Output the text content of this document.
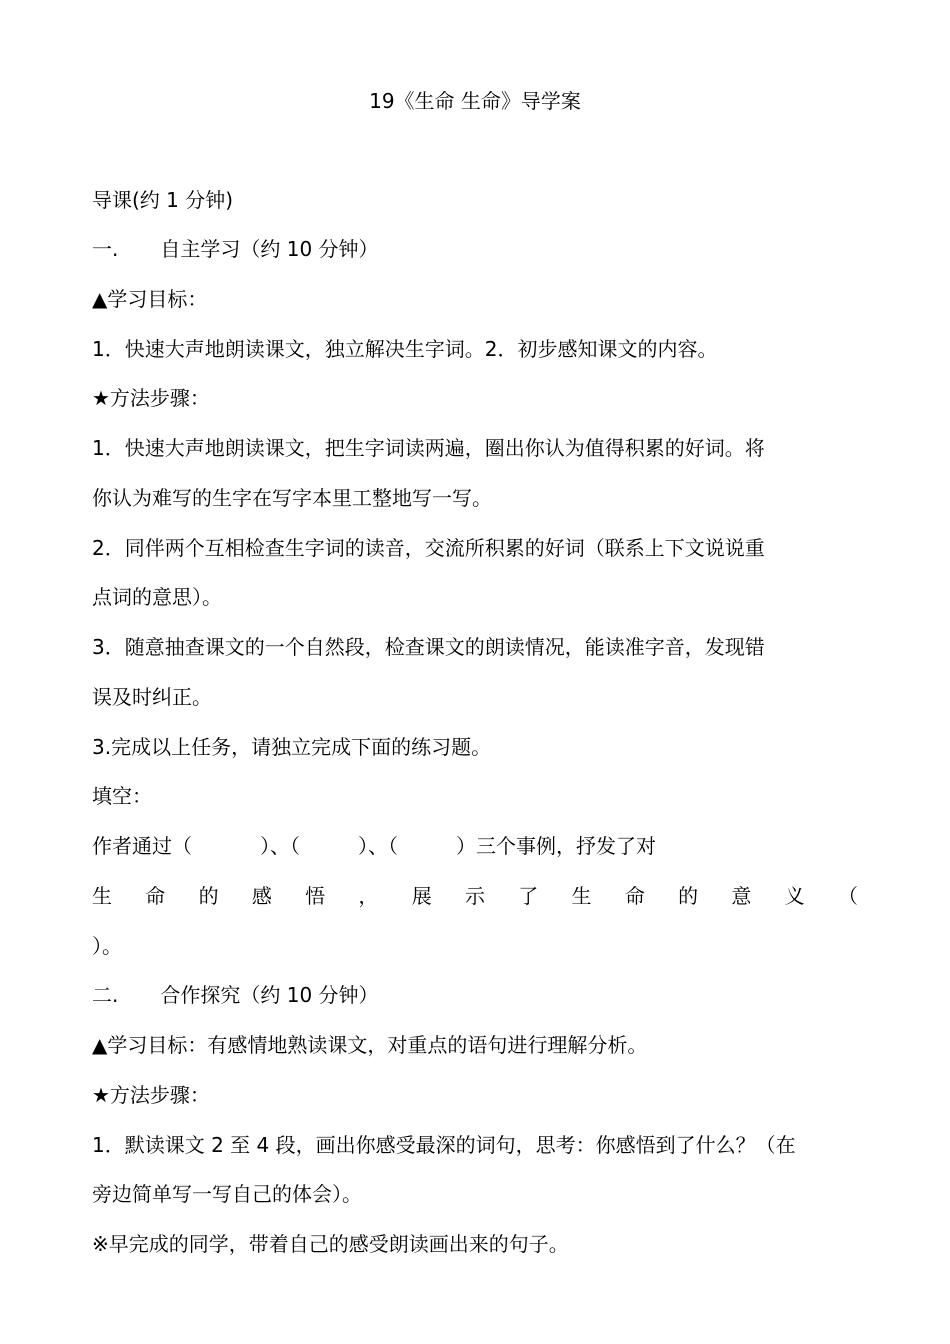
19《生命 生命》导学案
导课(约 1 分钟)
一. 自主学习（约 10 分钟）
▲学习目标：
1．快速大声地朗读课文，独立解决生字词。2．初步感知课文的内容。
★方法步骤：
1．快速大声地朗读课文，把生字词读两遍，圈出你认为值得积累的好词。将
你认为难写的生字在写字本里工整地写一写。
2．同伴两个互相检查生字词的读音，交流所积累的好词（联系上下文说说重
点词的意思）。
3．随意抽查课文的一个自然段，检查课文的朗读情况，能读准字音，发现错
误及时纠正。
3.完成以上任务，请独立完成下面的练习题。
填空：
作者通过（	）、（	）、（	）三个事例，抒发了对
生 命 的 感 悟 ， 展 示 了 生 命 的 意 义 （
）。
二. 合作探究（约 10 分钟）
▲学习目标：有感情地熟读课文，对重点的语句进行理解分析。
★方法步骤：
1．默读课文 2 至 4 段，画出你感受最深的词句，思考：你感悟到了什么？（在
旁边简单写一写自己的体会）。
※早完成的同学，带着自己的感受朗读画出来的句子。
